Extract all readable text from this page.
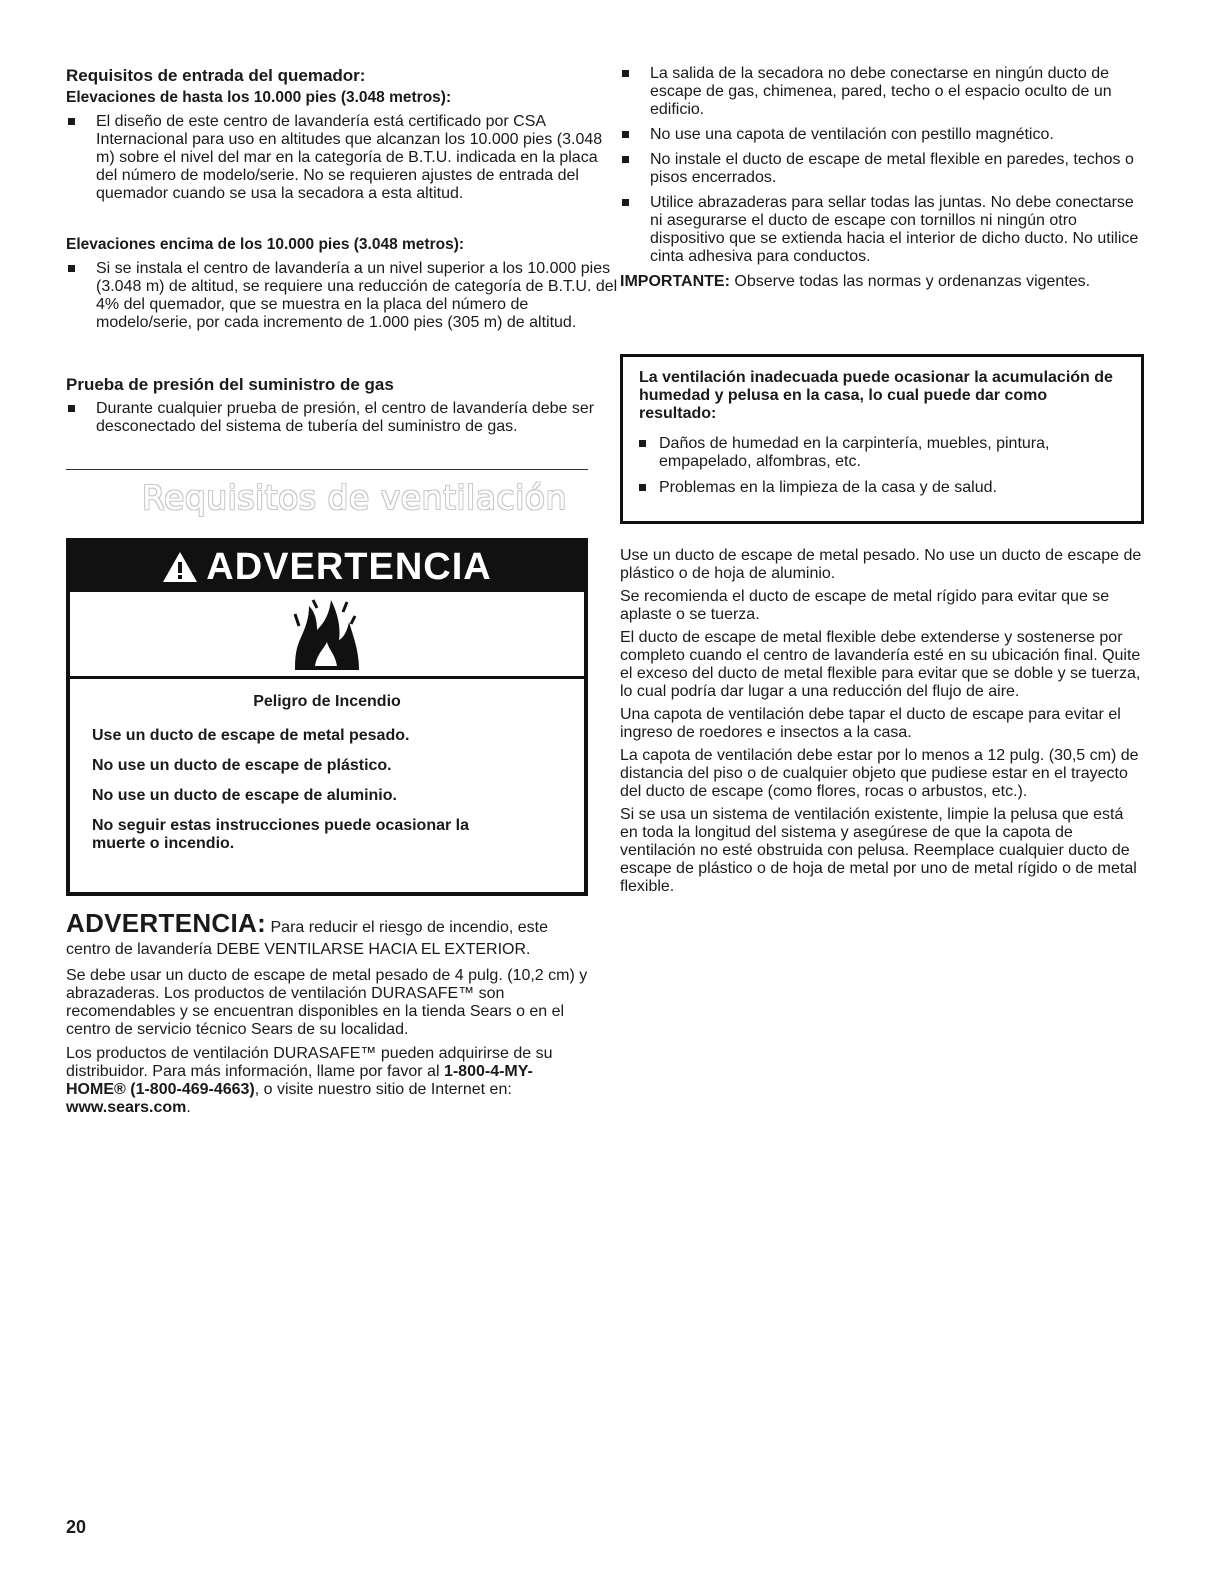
Requisitos de entrada del quemador:

Elevaciones de hasta los 10.000 pies (3.048 metros):

El diseño de este centro de lavandería está certificado por CSA Internacional para uso en altitudes que alcanzan los 10.000 pies (3.048 m) sobre el nivel del mar en la categoría de B.T.U. indicada en la placa del número de modelo/serie. No se requieren ajustes de entrada del quemador cuando se usa la secadora a esta altitud.

Elevaciones encima de los 10.000 pies (3.048 metros):

Si se instala el centro de lavandería a un nivel superior a los 10.000 pies (3.048 m) de altitud, se requiere una reducción de categoría de B.T.U. del 4% del quemador, que se muestra en la placa del número de modelo/serie, por cada incremento de 1.000 pies (305 m) de altitud.

Prueba de presión del suministro de gas

Durante cualquier prueba de presión, el centro de lavandería debe ser desconectado del sistema de tubería del suministro de gas.

Requisitos de ventilación
ADVERTENCIA

Peligro de Incendio

Use un ducto de escape de metal pesado.

No use un ducto de escape de plástico.

No use un ducto de escape de aluminio.

No seguir estas instrucciones puede ocasionar la muerte o incendio.

ADVERTENCIA: Para reducir el riesgo de incendio, este centro de lavandería DEBE VENTILARSE HACIA EL EXTERIOR.

Se debe usar un ducto de escape de metal pesado de 4 pulg. (10,2 cm) y abrazaderas. Los productos de ventilación DURASAFE™ son recomendables y se encuentran disponibles en la tienda Sears o en el centro de servicio técnico Sears de su localidad.

Los productos de ventilación DURASAFE™ pueden adquirirse de su distribuidor. Para más información, llame por favor al 1-800-4-MY-HOME® (1-800-469-4663), o visite nuestro sitio de Internet en: www.sears.com.

La salida de la secadora no debe conectarse en ningún ducto de escape de gas, chimenea, pared, techo o el espacio oculto de un edificio.

No use una capota de ventilación con pestillo magnético.

No instale el ducto de escape de metal flexible en paredes, techos o pisos encerrados.

Utilice abrazaderas para sellar todas las juntas. No debe conectarse ni asegurarse el ducto de escape con tornillos ni ningún otro dispositivo que se extienda hacia el interior de dicho ducto. No utilice cinta adhesiva para conductos.

IMPORTANTE: Observe todas las normas y ordenanzas vigentes.

La ventilación inadecuada puede ocasionar la acumulación de humedad y pelusa en la casa, lo cual puede dar como resultado:

Daños de humedad en la carpintería, muebles, pintura, empapelado, alfombras, etc.

Problemas en la limpieza de la casa y de salud.

Use un ducto de escape de metal pesado. No use un ducto de escape de plástico o de hoja de aluminio.

Se recomienda el ducto de escape de metal rígido para evitar que se aplaste o se tuerza.

El ducto de escape de metal flexible debe extenderse y sostenerse por completo cuando el centro de lavandería esté en su ubicación final. Quite el exceso del ducto de metal flexible para evitar que se doble y se tuerza, lo cual podría dar lugar a una reducción del flujo de aire.

Una capota de ventilación debe tapar el ducto de escape para evitar el ingreso de roedores e insectos a la casa.

La capota de ventilación debe estar por lo menos a 12 pulg. (30,5 cm) de distancia del piso o de cualquier objeto que pudiese estar en el trayecto del ducto de escape (como flores, rocas o arbustos, etc.).

Si se usa un sistema de ventilación existente, limpie la pelusa que está en toda la longitud del sistema y asegúrese de que la capota de ventilación no esté obstruida con pelusa. Reemplace cualquier ducto de escape de plástico o de hoja de metal por uno de metal rígido o de metal flexible.

20
